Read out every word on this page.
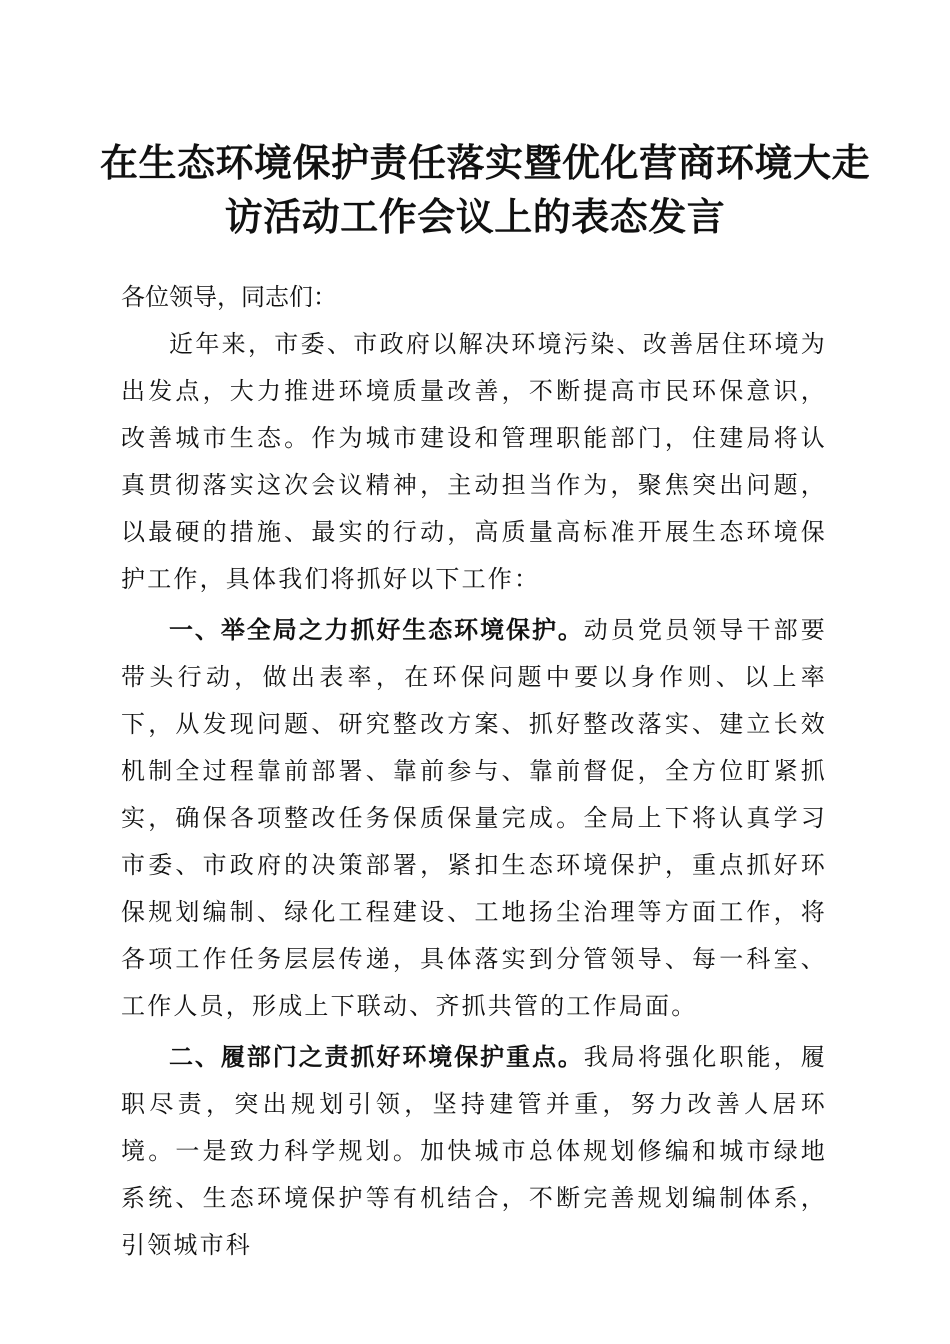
在生态环境保护责任落实暨优化营商环境大走
访活动工作会议上的表态发言

各位领导，同志们：

近年来，市委、市政府以解决环境污染、改善居住环境为出发点，大力推进环境质量改善，不断提高市民环保意识，改善城市生态。作为城市建设和管理职能部门，住建局将认真贯彻落实这次会议精神，主动担当作为，聚焦突出问题，以最硬的措施、最实的行动，高质量高标准开展生态环境保护工作，具体我们将抓好以下工作：

一、举全局之力抓好生态环境保护。动员党员领导干部要带头行动，做出表率，在环保问题中要以身作则、以上率下，从发现问题、研究整改方案、抓好整改落实、建立长效机制全过程靠前部署、靠前参与、靠前督促，全方位盯紧抓实，确保各项整改任务保质保量完成。全局上下将认真学习市委、市政府的决策部署，紧扣生态环境保护，重点抓好环保规划编制、绿化工程建设、工地扬尘治理等方面工作，将各项工作任务层层传递，具体落实到分管领导、每一科室、工作人员，形成上下联动、齐抓共管的工作局面。

二、履部门之责抓好环境保护重点。我局将强化职能，履职尽责，突出规划引领，坚持建管并重，努力改善人居环境。一是致力科学规划。加快城市总体规划修编和城市绿地系统、生态环境保护等有机结合，不断完善规划编制体系，引领城市科
